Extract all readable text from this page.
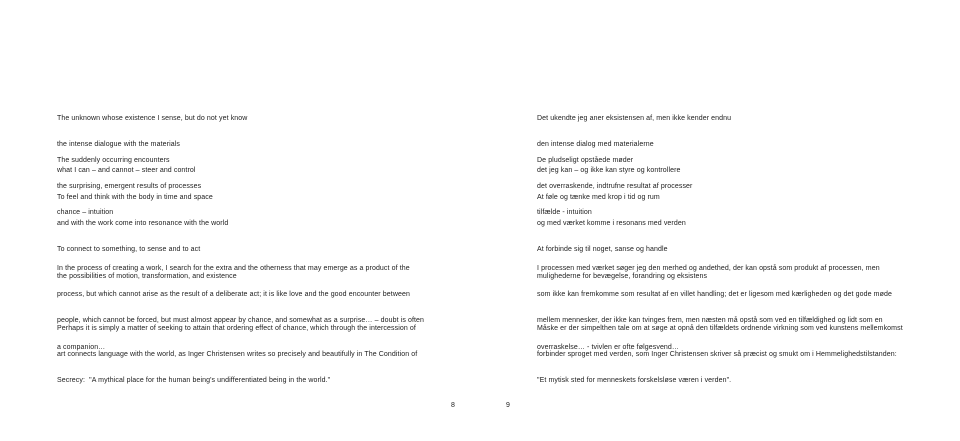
The unknown whose existence I sense, but do not yet know

the intense dialogue with the materials

what I can – and cannot – steer and control

The suddenly occurring encounters

the surprising, emergent results of processes

chance – intuition

To feel and think with the body in time and space

and with the work come into resonance with the world

To connect to something, to sense and to act

the possibilities of motion, transformation, and existence

In the process of creating a work, I search for the extra and the otherness that may emerge as a product of the

process, but which cannot arise as the result of a deliberate act; it is like love and the good encounter between

people, which cannot be forced, but must almost appear by chance, and somewhat as a surprise… – doubt is often

a companion…

Perhaps it is simply a matter of seeking to attain that ordering effect of chance, which through the intercession of

art connects language with the world, as Inger Christensen writes so precisely and beautifully in The Condition of

Secrecy:  "A mythical place for the human being's undifferentiated being in the world."

8

Det ukendte jeg aner eksistensen af, men ikke kender endnu

den intense dialog med materialerne

det jeg kan – og ikke kan styre og kontrollere

De pludseligt opståede møder

det overraskende, indtrufne resultat af processer

tilfælde - intuition

At føle og tænke med krop i tid og rum

og med værket komme i resonans med verden

At forbinde sig til noget, sanse og handle

mulighederne for bevægelse, forandring og eksistens

I processen med værket søger jeg den merhed og andethed, der kan opstå som produkt af processen, men

som ikke kan fremkomme som resultat af en villet handling; det er ligesom med kærligheden og det gode møde

mellem mennesker, der ikke kan tvinges frem, men næsten må opstå som ved en tilfældighed og lidt som en

overraskelse… - tvivlen er ofte følgesvend…

Måske er der simpelthen tale om at søge at opnå den tilfældets ordnende virkning som ved kunstens mellemkomst

forbinder sproget med verden, som Inger Christensen skriver så præcist og smukt om i Hemmelighedstilstanden:

"Et mytisk sted for menneskets forskelsløse væren i verden".

9
